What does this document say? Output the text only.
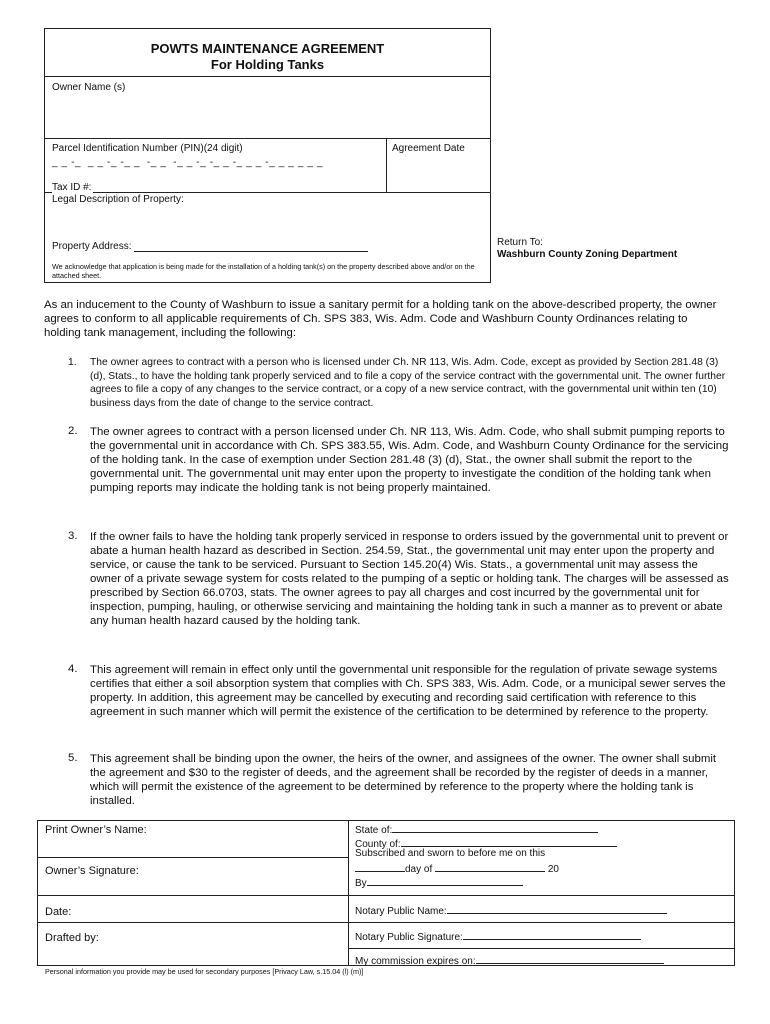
POWTS MAINTENANCE AGREEMENT
For Holding Tanks
Owner Name (s)
Parcel Identification Number (PIN)(24 digit)
_ _ -_  _ _ -_ -_ _  -_ _  -_ _ -_ -_ _ -_ _ _ -_ _ _ _ _ _
Agreement Date
Tax ID #:
Legal Description of Property:
Property Address:
We acknowledge that application is being made for the installation of a holding tank(s) on the property described above and/or on the attached sheet.
Return To:
Washburn County Zoning Department
As an inducement to the County of Washburn to issue a sanitary permit for a holding tank on the above-described property, the owner agrees to conform to all applicable requirements of Ch. SPS 383, Wis. Adm. Code and Washburn County Ordinances relating to holding tank management, including the following:
1. The owner agrees to contract with a person who is licensed under Ch. NR 113, Wis. Adm. Code, except as provided by Section 281.48 (3) (d), Stats., to have the holding tank properly serviced and to file a copy of the service contract with the governmental unit. The owner further agrees to file a copy of any changes to the service contract, or a copy of a new service contract, with the governmental unit within ten (10) business days from the date of change to the service contract.
2. The owner agrees to contract with a person licensed under Ch. NR 113, Wis. Adm. Code, who shall submit pumping reports to the governmental unit in accordance with Ch. SPS 383.55, Wis. Adm. Code, and Washburn County Ordinance for the servicing of the holding tank. In the case of exemption under Section 281.48 (3) (d), Stat., the owner shall submit the report to the governmental unit. The governmental unit may enter upon the property to investigate the condition of the holding tank when pumping reports may indicate the holding tank is not being properly maintained.
3. If the owner fails to have the holding tank properly serviced in response to orders issued by the governmental unit to prevent or abate a human health hazard as described in Section. 254.59, Stat., the governmental unit may enter upon the property and service, or cause the tank to be serviced. Pursuant to Section 145.20(4) Wis. Stats., a governmental unit may assess the owner of a private sewage system for costs related to the pumping of a septic or holding tank. The charges will be assessed as prescribed by Section 66.0703, stats. The owner agrees to pay all charges and cost incurred by the governmental unit for inspection, pumping, hauling, or otherwise servicing and maintaining the holding tank in such a manner as to prevent or abate any human health hazard caused by the holding tank.
4. This agreement will remain in effect only until the governmental unit responsible for the regulation of private sewage systems certifies that either a soil absorption system that complies with Ch. SPS 383, Wis. Adm. Code, or a municipal sewer serves the property. In addition, this agreement may be cancelled by executing and recording said certification with reference to this agreement in such manner which will permit the existence of the certification to be determined by reference to the property.
5. This agreement shall be binding upon the owner, the heirs of the owner, and assignees of the owner. The owner shall submit the agreement and $30 to the register of deeds, and the agreement shall be recorded by the register of deeds in a manner, which will permit the existence of the agreement to be determined by reference to the property where the holding tank is installed.
Print Owner’s Name:
Owner’s Signature:
Date:
Drafted by:
State of:
County of:
Subscribed and sworn to before me on this
day of	20
By
Notary Public Name:
Notary Public Signature:
My commission expires on:
Personal information you provide may be used for secondary purposes [Privacy Law, s.15.04 (l) (m)]
